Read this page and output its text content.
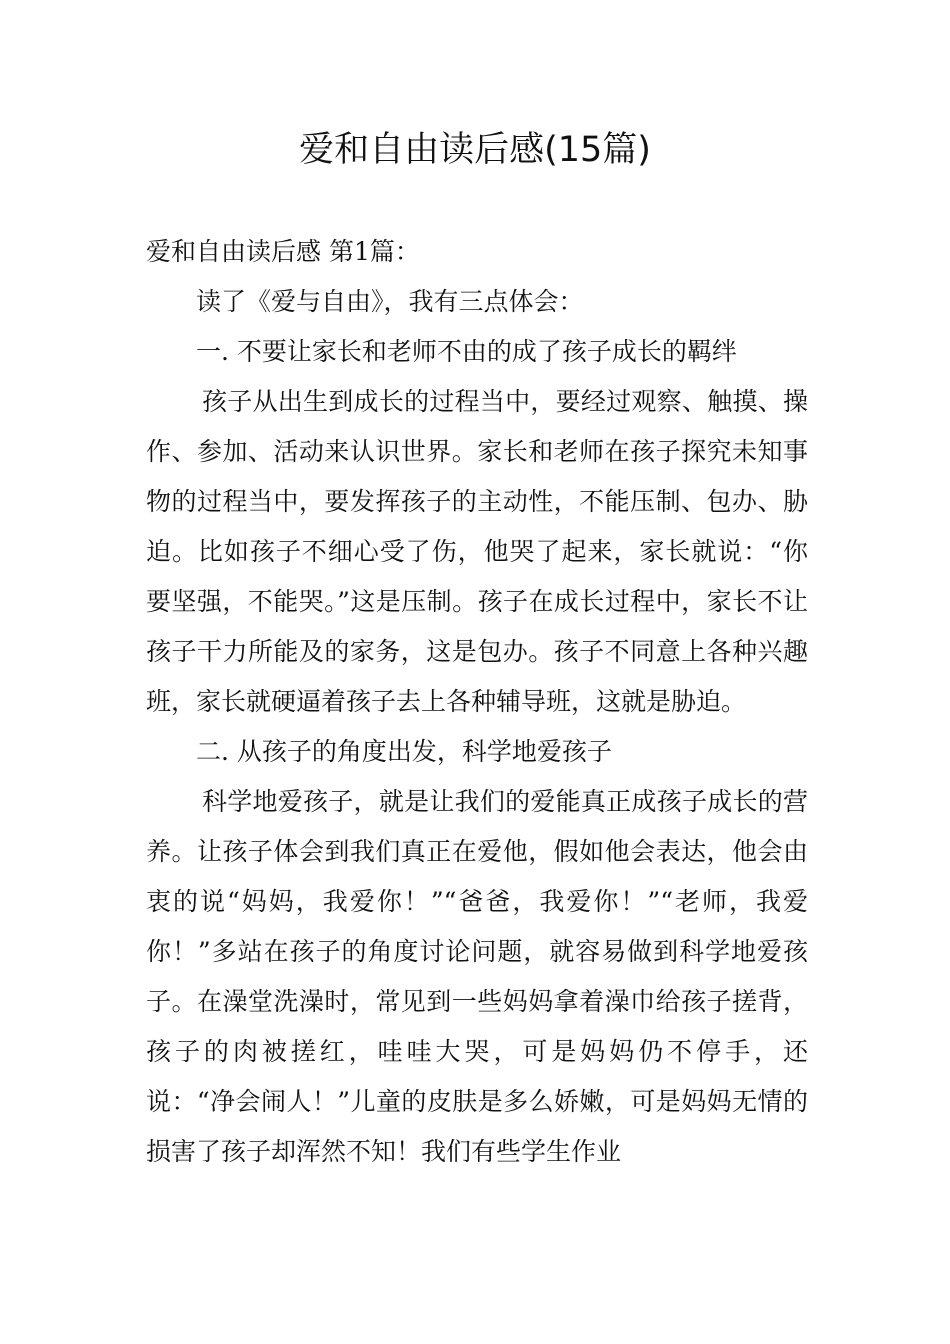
爱和自由读后感(15篇)

爱和自由读后感 第1篇：

读了《爱与自由》，我有三点体会：

一. 不要让家长和老师不由的成了孩子成长的羁绊

孩子从出生到成长的过程当中，要经过观察、触摸、操作、参加、活动来认识世界。家长和老师在孩子探究未知事物的过程当中，要发挥孩子的主动性，不能压制、包办、胁迫。比如孩子不细心受了伤，他哭了起来，家长就说：“你要坚强，不能哭。”这是压制。孩子在成长过程中，家长不让孩子干力所能及的家务，这是包办。孩子不同意上各种兴趣班，家长就硬逼着孩子去上各种辅导班，这就是胁迫。

二. 从孩子的角度出发，科学地爱孩子

科学地爱孩子，就是让我们的爱能真正成孩子成长的营养。让孩子体会到我们真正在爱他，假如他会表达，他会由衷的说“妈妈，我爱你！”“爸爸，我爱你！”“老师，我爱你！”多站在孩子的角度讨论问题，就容易做到科学地爱孩子。在澡堂洗澡时，常见到一些妈妈拿着澡巾给孩子搓背，孩子的肉被搓红，哇哇大哭，可是妈妈仍不停手，还说：“净会闹人！”儿童的皮肤是多么娇嫩，可是妈妈无情的损害了孩子却浑然不知！我们有些学生作业
